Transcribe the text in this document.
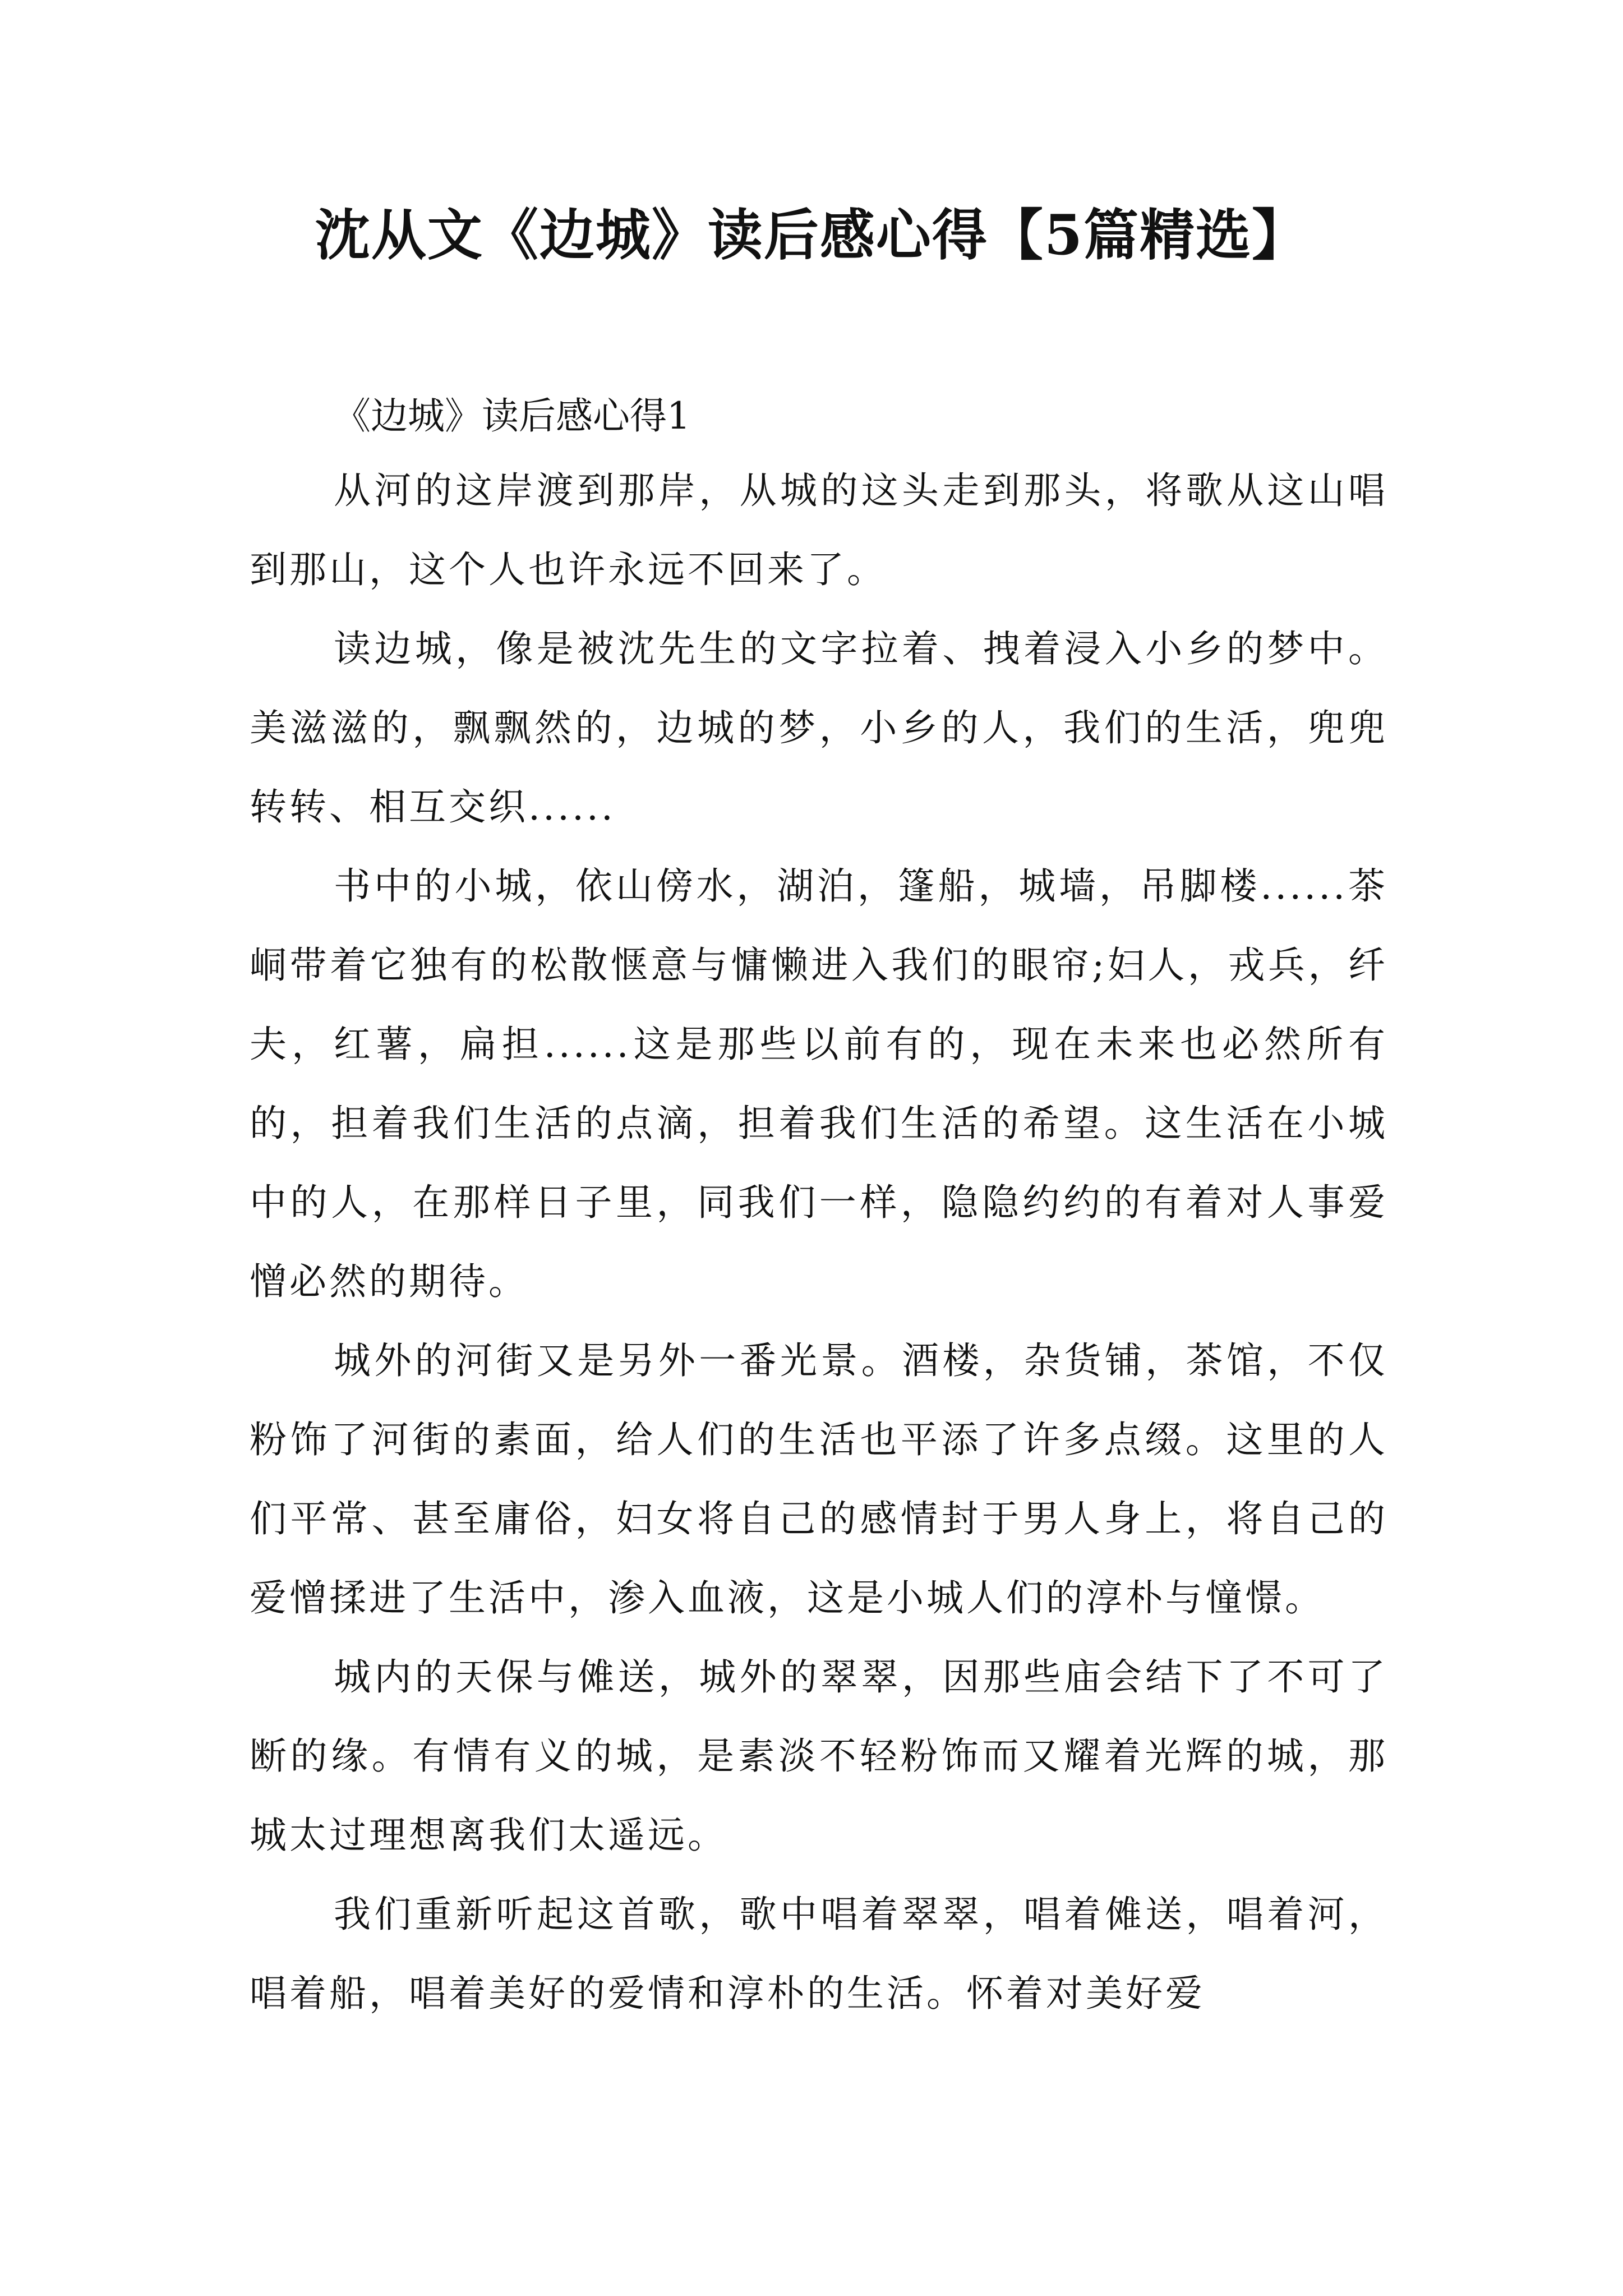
沈从文《边城》读后感心得【5篇精选】
《边城》读后感心得1

从河的这岸渡到那岸，从城的这头走到那头，将歌从这山唱到那山，这个人也许永远不回来了。

读边城，像是被沈先生的文字拉着、拽着浸入小乡的梦中。美滋滋的，飘飘然的，边城的梦，小乡的人，我们的生活，兜兜转转、相互交织......

书中的小城，依山傍水，湖泊，篷船，城墙，吊脚楼......茶峒带着它独有的松散惬意与慵懒进入我们的眼帘;妇人，戎兵，纤夫，红薯，扁担......这是那些以前有的，现在未来也必然所有的，担着我们生活的点滴，担着我们生活的希望。这生活在小城中的人，在那样日子里，同我们一样，隐隐约约的有着对人事爱憎必然的期待。

城外的河街又是另外一番光景。酒楼，杂货铺，茶馆，不仅粉饰了河街的素面，给人们的生活也平添了许多点缀。这里的人们平常、甚至庸俗，妇女将自己的感情封于男人身上，将自己的爱憎揉进了生活中，渗入血液，这是小城人们的淳朴与憧憬。

城内的天保与傩送，城外的翠翠，因那些庙会结下了不可了断的缘。有情有义的城，是素淡不轻粉饰而又耀着光辉的城，那城太过理想离我们太遥远。

我们重新听起这首歌，歌中唱着翠翠，唱着傩送，唱着河，唱着船，唱着美好的爱情和淳朴的生活。怀着对美好爱
